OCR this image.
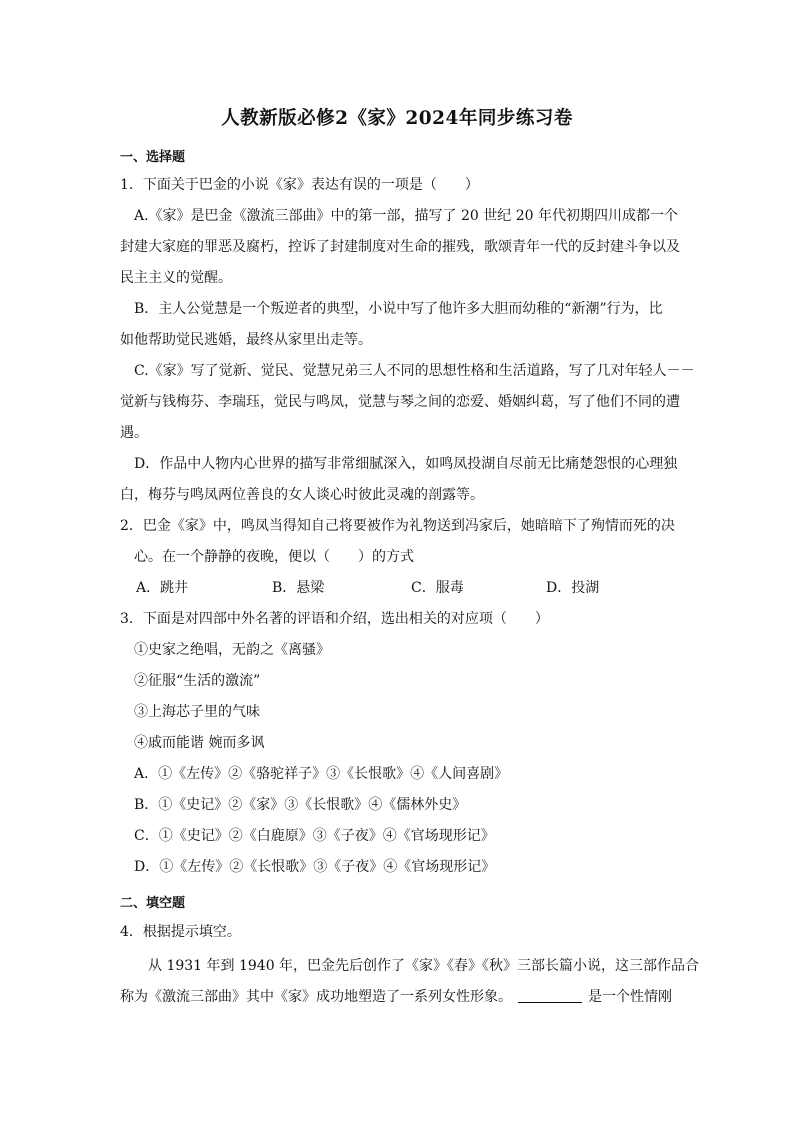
人教新版必修2《家》2024年同步练习卷
一、选择题
1．下面关于巴金的小说《家》表达有误的一项是（　　）
A.《家》是巴金《激流三部曲》中的第一部，描写了 20 世纪 20 年代初期四川成都一个
封建大家庭的罪恶及腐朽，控诉了封建制度对生命的摧残，歌颂青年一代的反封建斗争以及
民主主义的觉醒。
B．主人公觉慧是一个叛逆者的典型，小说中写了他许多大胆而幼稚的“新潮”行为，比
如他帮助觉民逃婚，最终从家里出走等。
C.《家》写了觉新、觉民、觉慧兄弟三人不同的思想性格和生活道路，写了几对年轻人－－
觉新与钱梅芬、李瑞珏，觉民与鸣凤，觉慧与琴之间的恋爱、婚姻纠葛，写了他们不同的遭
遇。
D．作品中人物内心世界的描写非常细腻深入，如鸣凤投湖自尽前无比痛楚怨恨的心理独
白，梅芬与鸣凤两位善良的女人谈心时彼此灵魂的剖露等。
2．巴金《家》中，鸣凤当得知自己将要被作为礼物送到冯家后，她暗暗下了殉情而死的决
心。在一个静静的夜晚，便以（　　）的方式
A．跳井	B．悬梁	C．服毒	D．投湖
3．下面是对四部中外名著的评语和介绍，选出相关的对应项（　　）
①史家之绝唱，无韵之《离骚》
②征服“生活的激流”
③上海芯子里的气味
④戚而能谐 婉而多讽
A．①《左传》②《骆驼祥子》③《长恨歌》④《人间喜剧》
B．①《史记》②《家》③《长恨歌》④《儒林外史》
C．①《史记》②《白鹿原》③《子夜》④《官场现形记》
D．①《左传》②《长恨歌》③《子夜》④《官场现形记》
二、填空题
4．根据提示填空。
从 1931 年到 1940 年，巴金先后创作了《家》《春》《秋》三部长篇小说，这三部作品合
称为《激流三部曲》其中《家》成功地塑造了一系列女性形象。	是一个性情刚
